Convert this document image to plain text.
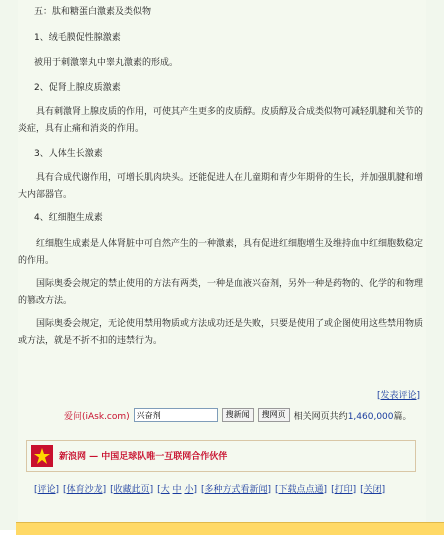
五：肽和糖蛋白激素及类似物
1、绒毛膜促性腺激素
被用于刺激睾丸中睾丸激素的形成。
2、促肾上腺皮质激素
具有刺激肾上腺皮质的作用，可使其产生更多的皮质醇。皮质醇及合成类似物可减轻肌腱和关节的炎症，具有止痛和消炎的作用。
3、人体生长激素
具有合成代谢作用，可增长肌肉块头。还能促进人在儿童期和青少年期骨的生长，并加强肌腱和增大内部器官。
4、红细胞生成素
红细胞生成素是人体肾脏中可自然产生的一种激素，具有促进红细胞增生及维持血中红细胞数稳定的作用。
国际奥委会规定的禁止使用的方法有两类，一种是血液兴奋剂，另外一种是药物的、化学的和物理的篡改方法。
国际奥委会规定，无论使用禁用物质或方法成功还是失败，只要是使用了或企图使用这些禁用物质或方法，就是不折不扣的违禁行为。
[发表评论]
爱问(iAsk.com)
兴奋剂	搜新闻	搜网页 相关网页共约1,460,000篇。
新浪网 — 中国足球队唯一互联网合作伙伴
[评论] [体育沙龙] [收藏此页] [大 中 小] [多种方式看新闻] [下载点点通] [打印] [关闭]
